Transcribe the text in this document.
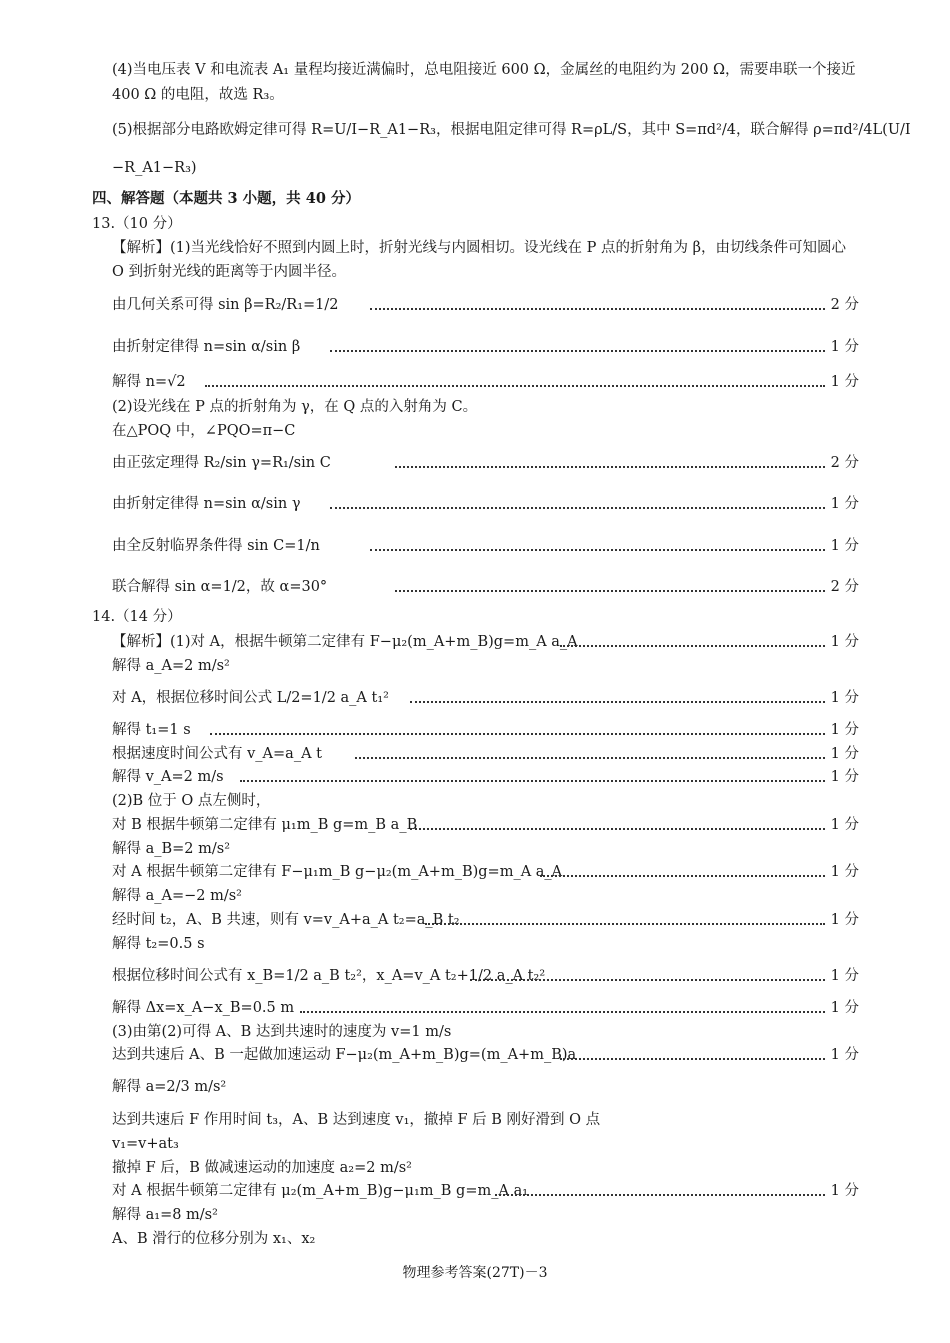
(4)当电压表 V 和电流表 A₁ 量程均接近满偏时，总电阻接近 600 Ω，金属丝的电阻约为 200 Ω，需要串联一个接近
400 Ω 的电阻，故选 R₃。
(5)根据部分电路欧姆定律可得 R=U/I−R_A1−R₃，根据电阻定律可得 R=ρL/S，其中 S=πd²/4，联合解得 ρ=πd²/4L(U/I
−R_A1−R₃)
四、解答题（本题共 3 小题，共 40 分）
13.（10 分）
【解析】(1)当光线恰好不照到内圆上时，折射光线与内圆相切。设光线在 P 点的折射角为 β，由切线条件可知圆心
O 到折射光线的距离等于内圆半径。
由几何关系可得 sin β=R₂/R₁=1/2	2 分
由折射定律得 n=sin α/sin β	1 分
解得 n=√2	1 分
(2)设光线在 P 点的折射角为 γ，在 Q 点的入射角为 C。
在△POQ 中，∠PQO=π−C
由正弦定理得 R₂/sin γ=R₁/sin C	2 分
由折射定律得 n=sin α/sin γ	1 分
由全反射临界条件得 sin C=1/n	1 分
联合解得 sin α=1/2，故 α=30°	2 分
14.（14 分）
【解析】(1)对 A，根据牛顿第二定律有 F−μ₂(m_A+m_B)g=m_A a_A	1 分
解得 a_A=2 m/s²
对 A，根据位移时间公式 L/2=1/2 a_A t₁²	1 分
解得 t₁=1 s	1 分
根据速度时间公式有 v_A=a_A t	1 分
解得 v_A=2 m/s	1 分
(2)B 位于 O 点左侧时，
对 B 根据牛顿第二定律有 μ₁m_B g=m_B a_B	1 分
解得 a_B=2 m/s²
对 A 根据牛顿第二定律有 F−μ₁m_B g−μ₂(m_A+m_B)g=m_A a_A	1 分
解得 a_A=−2 m/s²
经时间 t₂，A、B 共速，则有 v=v_A+a_A t₂=a_B t₂	1 分
解得 t₂=0.5 s
根据位移时间公式有 x_B=1/2 a_B t₂²，x_A=v_A t₂+1/2 a_A t₂²	1 分
解得 Δx=x_A−x_B=0.5 m	1 分
(3)由第(2)可得 A、B 达到共速时的速度为 v=1 m/s
达到共速后 A、B 一起做加速运动 F−μ₂(m_A+m_B)g=(m_A+m_B)a	1 分
解得 a=2/3 m/s²
达到共速后 F 作用时间 t₃，A、B 达到速度 v₁，撤掉 F 后 B 刚好滑到 O 点
v₁=v+at₃
撤掉 F 后，B 做减速运动的加速度 a₂=2 m/s²
对 A 根据牛顿第二定律有 μ₂(m_A+m_B)g−μ₁m_B g=m_A a₁	1 分
解得 a₁=8 m/s²
A、B 滑行的位移分别为 x₁、x₂
物理参考答案(27T)－3
